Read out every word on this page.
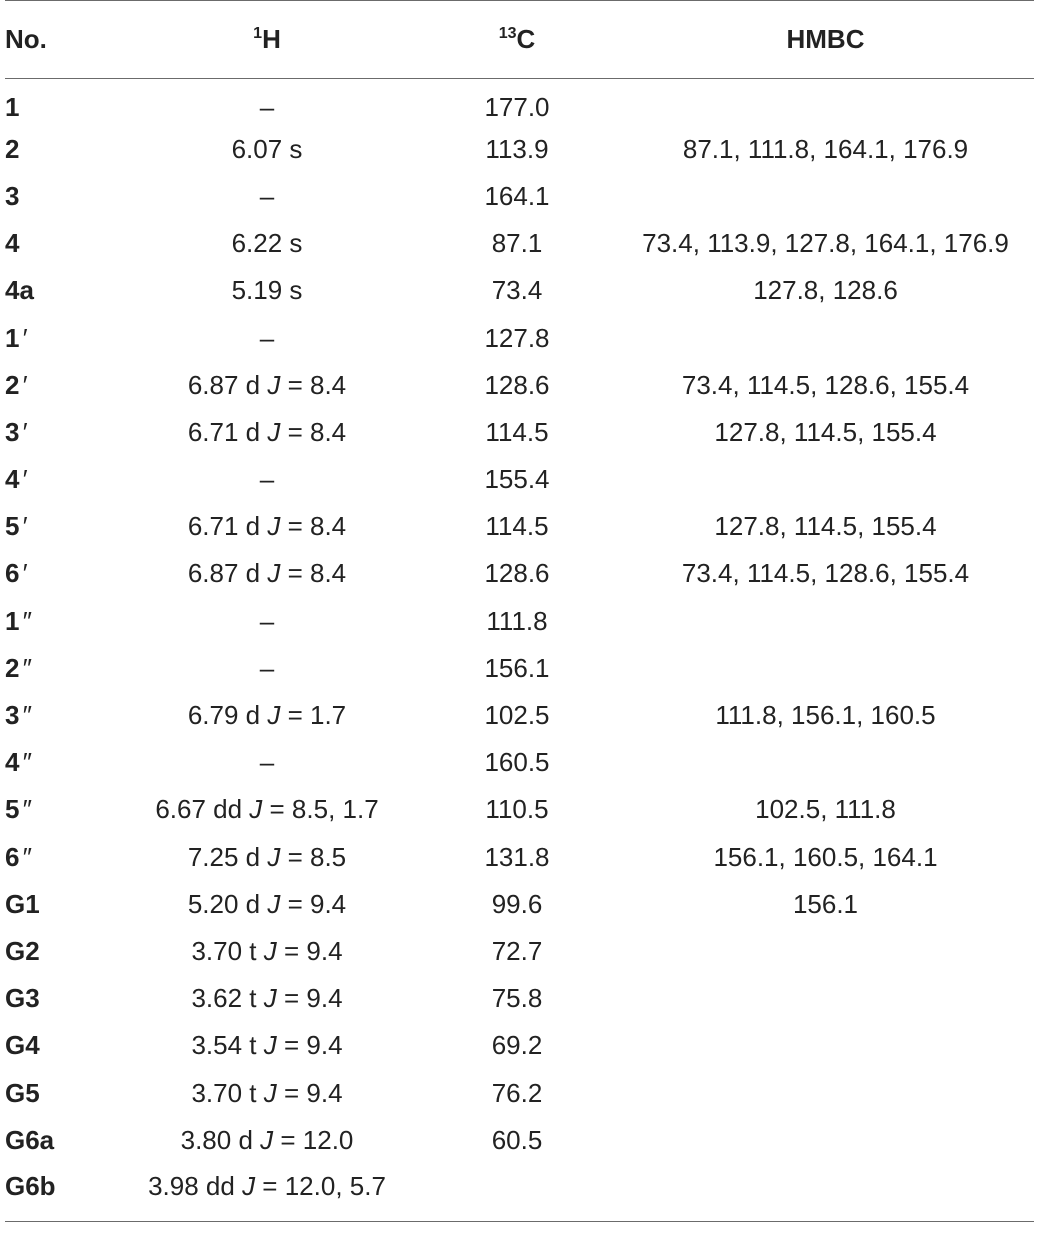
No.	$^1$H	$^{13}$C	HMBC
1	–	177.0	
2	6.07 s	113.9	87.1, 111.8, 164.1, 176.9
3	–	164.1	
4	6.22 s	87.1	73.4, 113.9, 127.8, 164.1, 176.9
4a	5.19 s	73.4	127.8, 128.6
1′	–	127.8	
2′	6.87 d J = 8.4	128.6	73.4, 114.5, 128.6, 155.4
3′	6.71 d J = 8.4	114.5	127.8, 114.5, 155.4
4′	–	155.4	
5′	6.71 d J = 8.4	114.5	127.8, 114.5, 155.4
6′	6.87 d J = 8.4	128.6	73.4, 114.5, 128.6, 155.4
1″	–	111.8	
2″	–	156.1	
3″	6.79 d J = 1.7	102.5	111.8, 156.1, 160.5
4″	–	160.5	
5″	6.67 dd J = 8.5, 1.7	110.5	102.5, 111.8
6″	7.25 d J = 8.5	131.8	156.1, 160.5, 164.1
G1	5.20 d J = 9.4	99.6	156.1
G2	3.70 t J = 9.4	72.7	
G3	3.62 t J = 9.4	75.8	
G4	3.54 t J = 9.4	69.2	
G5	3.70 t J = 9.4	76.2	
G6a	3.80 d J = 12.0	60.5	
G6b	3.98 dd J = 12.0, 5.7		
